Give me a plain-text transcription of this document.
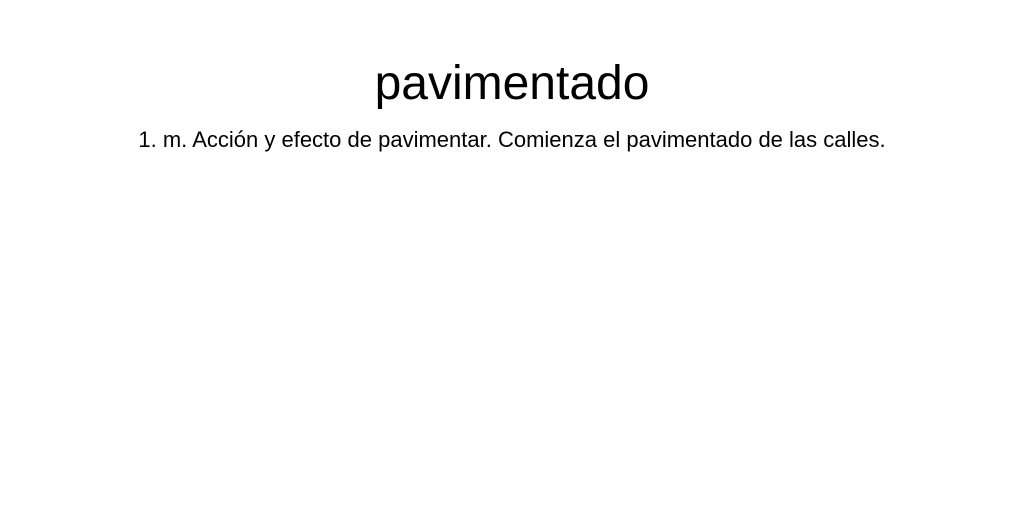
pavimentado

1. m. Acción y efecto de pavimentar. Comienza el pavimentado de las calles.
